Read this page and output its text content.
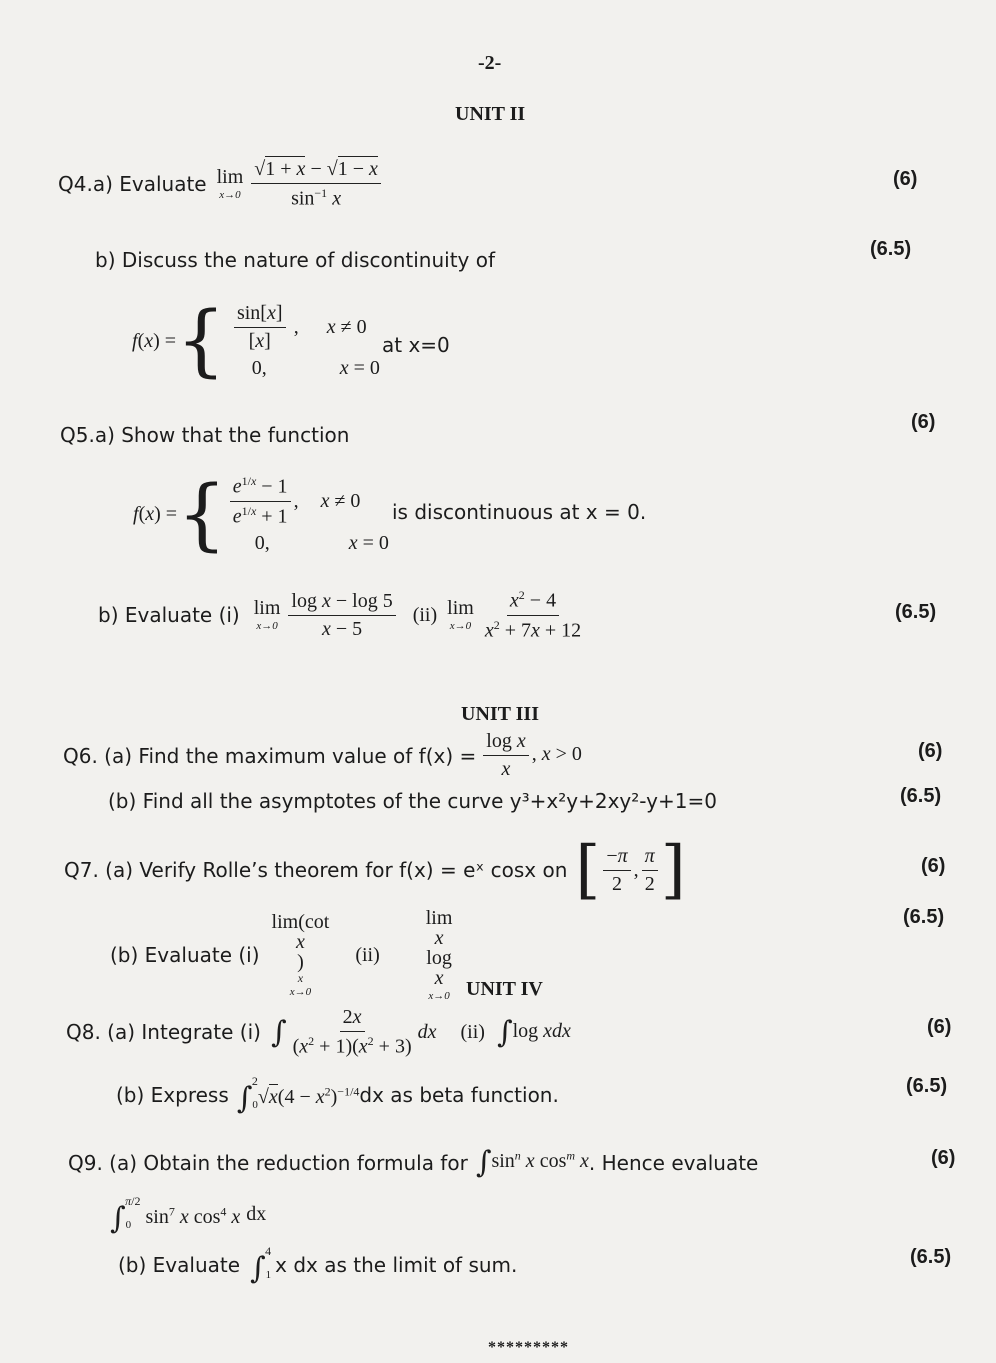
-2-
UNIT II
Q4.a) Evaluate lim
x→0
$\frac{√1 + x - √1 - x}{\sin^{-1} x}$	(6)
b) Discuss the nature of discontinuity of	(6.5)
f(x) = { $\frac{\sin[x]}{[x]}$ , x ≠ 0
0,	x = 0
at x=0
Q5.a) Show that the function
(6)
f(x) = { $\frac{e^{1/x} - 1}{e^{1/x} + 1}$ , x ≠ 0
0,	x = 0
is discontinuous at x = 0.
b) Evaluate (i) lim
x→0
$\frac{\text{log x − log 5}}{x - 5} (ii)$ lim
x→0
$\frac{x^2 - 4}{x^2 + 7x + 12}$	(6.5)
UNIT III
Q6. (a) Find the maximum value of $f(x) = \frac{\text{log x}}{x}$ , x > 0	(6)
(b) Find all the asymptotes of the curve y³+x²y+2xy²-y+1=0	(6.5)
Q7. (a) Verify Rolle’s theorem for f(x) = eˣ cosx on [ $\frac{-\pi}{2}$ , $\frac{\pi}{2}$ ]	(6)
(b) Evaluate (i)
lim(cot
x
)
x
x→0
(ii)
lim
x
log
x
x→0
(6.5)
UNIT IV
Q8. (a) Integrate (i) ∫ $\frac{2x}{(x^2 + 1)(x^2 + 3)}$ dx (ii) ∫log xdx	(6)
(b) Express $\int_0^2√x(4 - x^2)^{-1/4}$ dx as beta function.	(6.5)
Q9. (a) Obtain the reduction formula for $\int\sin^n$ x $\cos^m x$ . Hence evaluate	(6)
$\int_0^{\pi/2}$ $\sin^7 x$ $\cos^4 x$ dx
(b) Evaluate $\int_1^4$
x dx as the limit of sum.	(6.5)
*********
